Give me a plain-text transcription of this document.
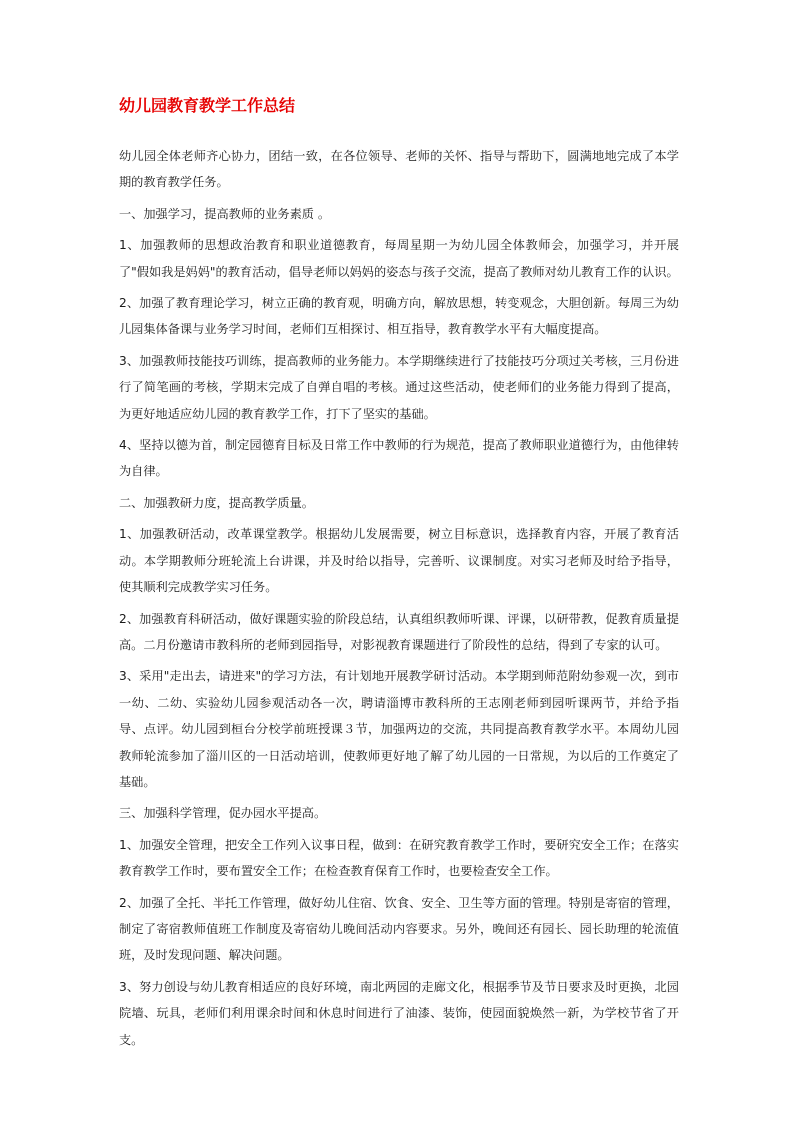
幼儿园教育教学工作总结

幼儿园全体老师齐心协力，团结一致，在各位领导、老师的关怀、指导与帮助下，圆满地地完成了本学期的教育教学任务。

一、加强学习，提高教师的业务素质 。

1、加强教师的思想政治教育和职业道德教育，每周星期一为幼儿园全体教师会，加强学习，并开展了"假如我是妈妈"的教育活动，倡导老师以妈妈的姿态与孩子交流，提高了教师对幼儿教育工作的认识。

2、加强了教育理论学习，树立正确的教育观，明确方向，解放思想，转变观念，大胆创新。每周三为幼儿园集体备课与业务学习时间，老师们互相探讨、相互指导，教育教学水平有大幅度提高。

3、加强教师技能技巧训练，提高教师的业务能力。本学期继续进行了技能技巧分项过关考核，三月份进行了简笔画的考核，学期末完成了自弹自唱的考核。通过这些活动，使老师们的业务能力得到了提高，为更好地适应幼儿园的教育教学工作，打下了坚实的基础。

4、坚持以德为首，制定园德育目标及日常工作中教师的行为规范，提高了教师职业道德行为，由他律转为自律。

二、加强教研力度，提高教学质量。

1、加强教研活动，改革课堂教学。根据幼儿发展需要，树立目标意识，选择教育内容，开展了教育活动。本学期教师分班轮流上台讲课，并及时给以指导，完善听、议课制度。对实习老师及时给予指导，使其顺利完成教学实习任务。

2、加强教育科研活动，做好课题实验的阶段总结，认真组织教师听课、评课，以研带教，促教育质量提高。二月份邀请市教科所的老师到园指导，对影视教育课题进行了阶段性的总结，得到了专家的认可。

3、采用"走出去，请进来"的学习方法，有计划地开展教学研讨活动。本学期到师范附幼参观一次，到市一幼、二幼、实验幼儿园参观活动各一次，聘请淄博市教科所的王志刚老师到园听课两节，并给予指导、点评。幼儿园到桓台分校学前班授课３节，加强两边的交流，共同提高教育教学水平。本周幼儿园教师轮流参加了淄川区的一日活动培训，使教师更好地了解了幼儿园的一日常规，为以后的工作奠定了基础。

三、加强科学管理，促办园水平提高。

1、加强安全管理，把安全工作列入议事日程，做到：在研究教育教学工作时，要研究安全工作；在落实教育教学工作时，要布置安全工作；在检查教育保育工作时，也要检查安全工作。

2、加强了全托、半托工作管理，做好幼儿住宿、饮食、安全、卫生等方面的管理。特别是寄宿的管理，制定了寄宿教师值班工作制度及寄宿幼儿晚间活动内容要求。另外，晚间还有园长、园长助理的轮流值班，及时发现问题、解决问题。

3、努力创设与幼儿教育相适应的良好环境，南北两园的走廊文化，根据季节及节日要求及时更换，北园院墙、玩具，老师们利用课余时间和休息时间进行了油漆、装饰，使园面貌焕然一新，为学校节省了开支。
